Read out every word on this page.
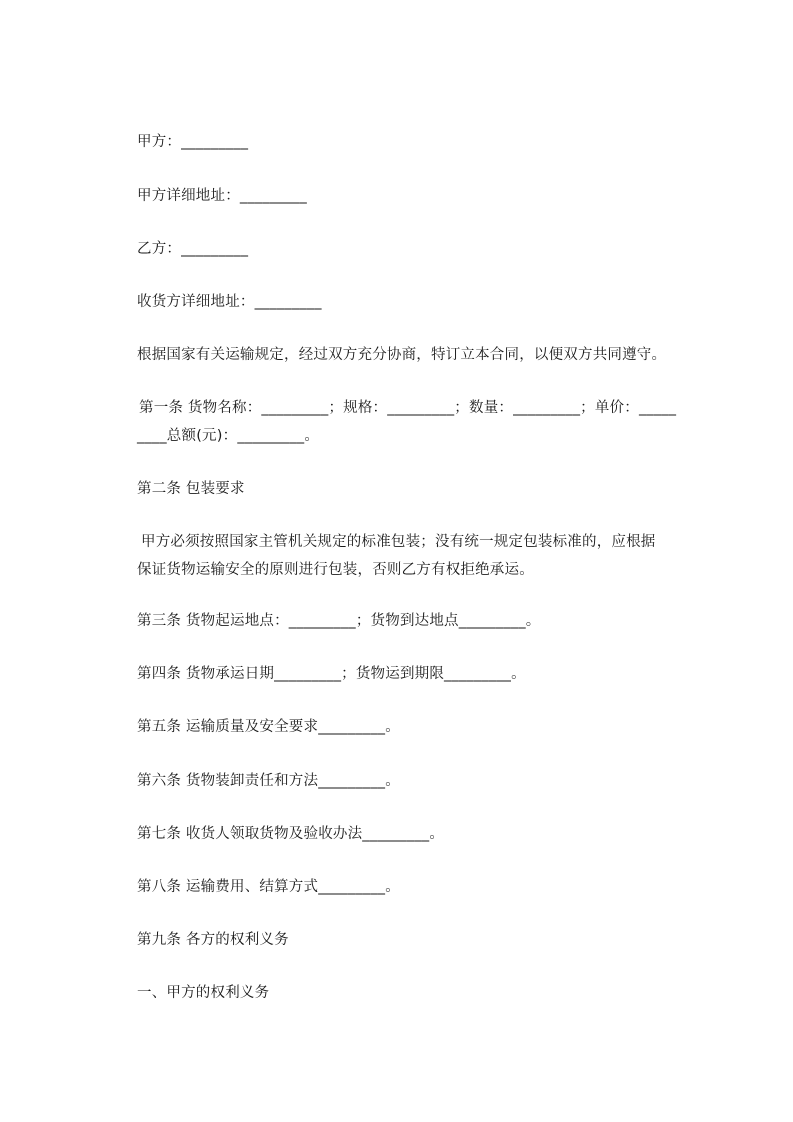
甲方：_________
甲方详细地址：_________
乙方：_________
收货方详细地址：_________
根据国家有关运输规定，经过双方充分协商，特订立本合同，以便双方共同遵守。
第一条 货物名称：_________；规格：_________；数量：_________；单价：_____
____总额(元)：_________。
第二条 包装要求
甲方必须按照国家主管机关规定的标准包装；没有统一规定包装标准的，应根据
保证货物运输安全的原则进行包装，否则乙方有权拒绝承运。
第三条 货物起运地点：_________；货物到达地点_________。
第四条 货物承运日期_________；货物运到期限_________。
第五条 运输质量及安全要求_________。
第六条 货物装卸责任和方法_________。
第七条 收货人领取货物及验收办法_________。
第八条 运输费用、结算方式_________。
第九条 各方的权利义务
一、甲方的权利义务
